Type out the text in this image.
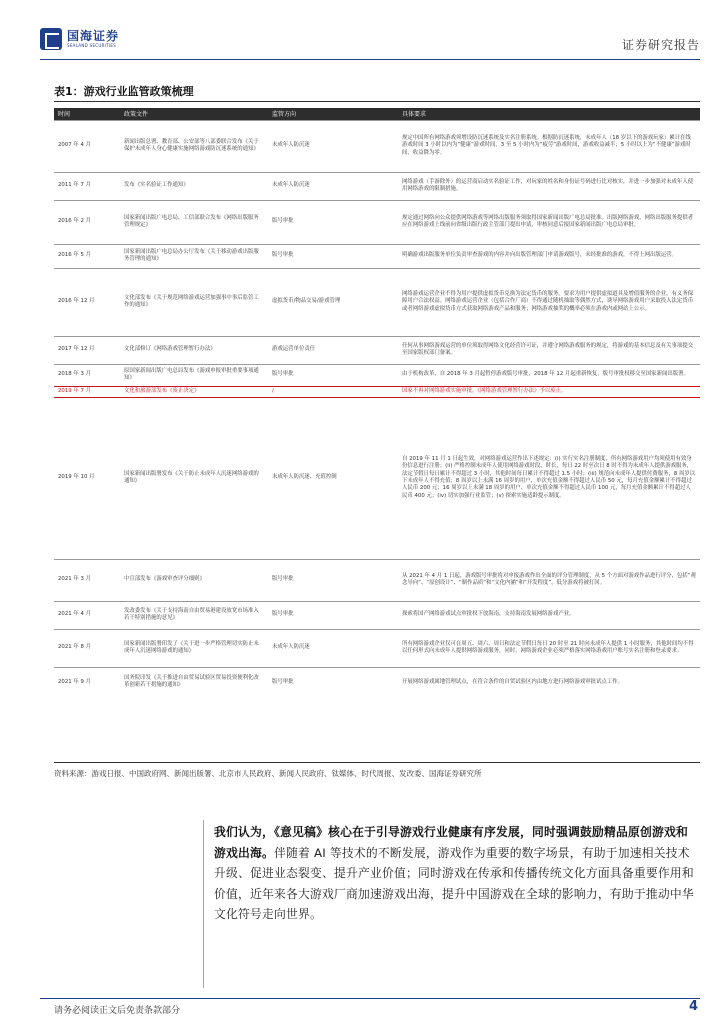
国海证券
SEALAND SECURITIES	证券研究报告
表1：游戏行业监管政策梳理
时间	政策文件	监管方向	具体要求
2007 年 4 月	新闻出版总署、教育部、公安部等八部委联合发布《关于保护未成年人身心健康实施网络游戏防沉迷系统的通知》	未成年人防沉迷	规定中国所有网络游戏须增设防沉迷系统及实名注册系统。根据防沉迷系统，未成年人（18 岁以下的游戏玩家）累计在线游戏时间 3 小时以内为“健康”游戏时间，3 至 5 小时内为“疲劳”游戏时间，游戏收益减半；5 小时以上为“不健康”游戏时间，收益降为零。
2011 年 7 月	发布《实名验证工作通知》	未成年人防沉迷	网络游戏（手游除外）的运营商启动实名验证工作，对玩家的姓名和身份证号码进行比对核实，并进一步加强对未成年人使用网络游戏的限制措施。
2016 年 2 月	国家新闻出版广电总局、工信部联合发布《网络出版服务管理规定》	版号审批	规定通过网络向公众提供网络游戏等网络出版服务须取得国家新闻出版广电总局批准。出版网络游戏，网络出版服务提供者应在网络游戏上线前向省级出版行政主管部门提出申请，审核同意后报国家新闻出版广电总局审批。
2016 年 5 月	国家新闻出版广电总局办公厅发布《关于移动游戏出版服务管理的通知》	版号审批	明确游戏出版服务单位负责审查游戏的内容并向出版管理部门申请游戏版号，未经批准的游戏，不得上网出版运营。
2016 年 12 月	文化部发布《关于规范网络游戏运营加强事中事后监管工作的通知》	虚拟货币/物品交易/游戏管理	网络游戏运营企业不得为用户提供虚拟货币兑换为法定货币的服务。要求为用户提供虚拟道具及增值服务的企业，有义务保障用户合法权益。网络游戏运营企业（包括合作厂商）不得通过随机抽取等偶然方式，诱导网络游戏用户采取投入法定货币或者网络游戏虚拟货币方式获取网络游戏产品和服务；网络游戏抽奖的概率必须在游戏内或网站上公示。
2017 年 12 月	文化部修订《网络游戏管理暂行办法》	游戏运营单位责任	任何从事网络游戏运营的单位须取得网络文化经营许可证，并遵守网络游戏服务的规定，将游戏的基本信息及有关事项提交至国家版权部门备案。
2018 年 3 月	原国家新闻出版广电总局发布《游戏申报审批重要事项通知》	版号审批	由于机构改革，自 2018 年 3 月起暂停游戏版号审批，2018 年 12 月起重新恢复，版号审批权移交至国家新闻出版署。
2019 年 7 月	文化和旅游部发布《废止决定》	/	国家不再对网络游戏实施审批，《网络游戏管理暂行办法》予以废止。
2019 年 10 月	国家新闻出版署发布《关于防止未成年人沉迷网络游戏的通知》	未成年人防沉迷、充值控制	自 2019 年 11 月 1 日起生效，对网络游戏运营作出下述规定：(i) 实行实名注册制度，所有网络游戏用户均须使用有效身份信息进行注册；(ii) 严格控制未成年人使用网络游戏时段、时长，每日 22 时至次日 8 时不得为未成年人提供游戏服务，法定节假日每日累计不得超过 3 小时，其他时间每日累计不得超过 1.5 小时；(iii) 规范向未成年人提供付费服务，8 周岁以下未成年人不得充值；8 周岁以上未满 16 周岁的用户，单次充值金额不得超过人民币 50 元，每月充值金额累计不得超过人民币 200 元；16 周岁以上未满 18 周岁的用户，单次充值金额不得超过人民币 100 元，每月充值金额累计不得超过人民币 400 元；(iv) 切实加强行业监管；(v) 探索实施适龄提示制度。
2021 年 3 月	中宣部发布《游戏审查评分细则》	版号审批	从 2021 年 4 月 1 日起，游戏版号审批将对申报游戏作出全面的评分管理制度，从 5 个方面对游戏作品进行评分，包括“观念导向”、“原创设计”、“制作品质”和“文化内涵”和“开发程度”，低分游戏将被打回。
2021 年 4 月	发改委发布《关于支持海南自由贸易港建设放宽市场准入若干特别措施的意见》	版号审批	探索将国产网络游戏试点审批权下放海南，支持海南发展网络游戏产业。
2021 年 8 月	国家新闻出版署印发了《关于进一步严格管理切实防止未成年人沉迷网络游戏的通知》	未成年人防沉迷	所有网络游戏企业仅可在周五、周六、周日和法定节假日每日 20 时至 21 时向未成年人提供 1 小时服务，其他时间均不得以任何形式向未成年人提供网络游戏服务，同时，网络游戏企业必须严格落实网络游戏用户账号实名注册和登录要求。
2021 年 9 月	国务院印发《关于推进自由贸易试验区贸易投资便利化改革创新若干措施的通知》	版号审批	开展网络游戏属地管理试点，在符合条件的自贸试验区内由地方进行网络游戏审批试点工作。
资料来源：游戏日报、中国政府网、新闻出版署、北京市人民政府、新闻人民政府、钛媒体、时代周报、发改委、国海证券研究所

我们认为，《意见稿》核心在于引导游戏行业健康有序发展，同时强调鼓励精品原创游戏和游戏出海。伴随着 AI 等技术的不断发展，游戏作为重要的数字场景，有助于加速相关技术升级、促进业态裂变、提升产业价值；同时游戏在传承和传播传统文化方面具备重要作用和价值，近年来各大游戏厂商加速游戏出海，提升中国游戏在全球的影响力，有助于推动中华文化符号走向世界。

请务必阅读正文后免责条款部分	4
